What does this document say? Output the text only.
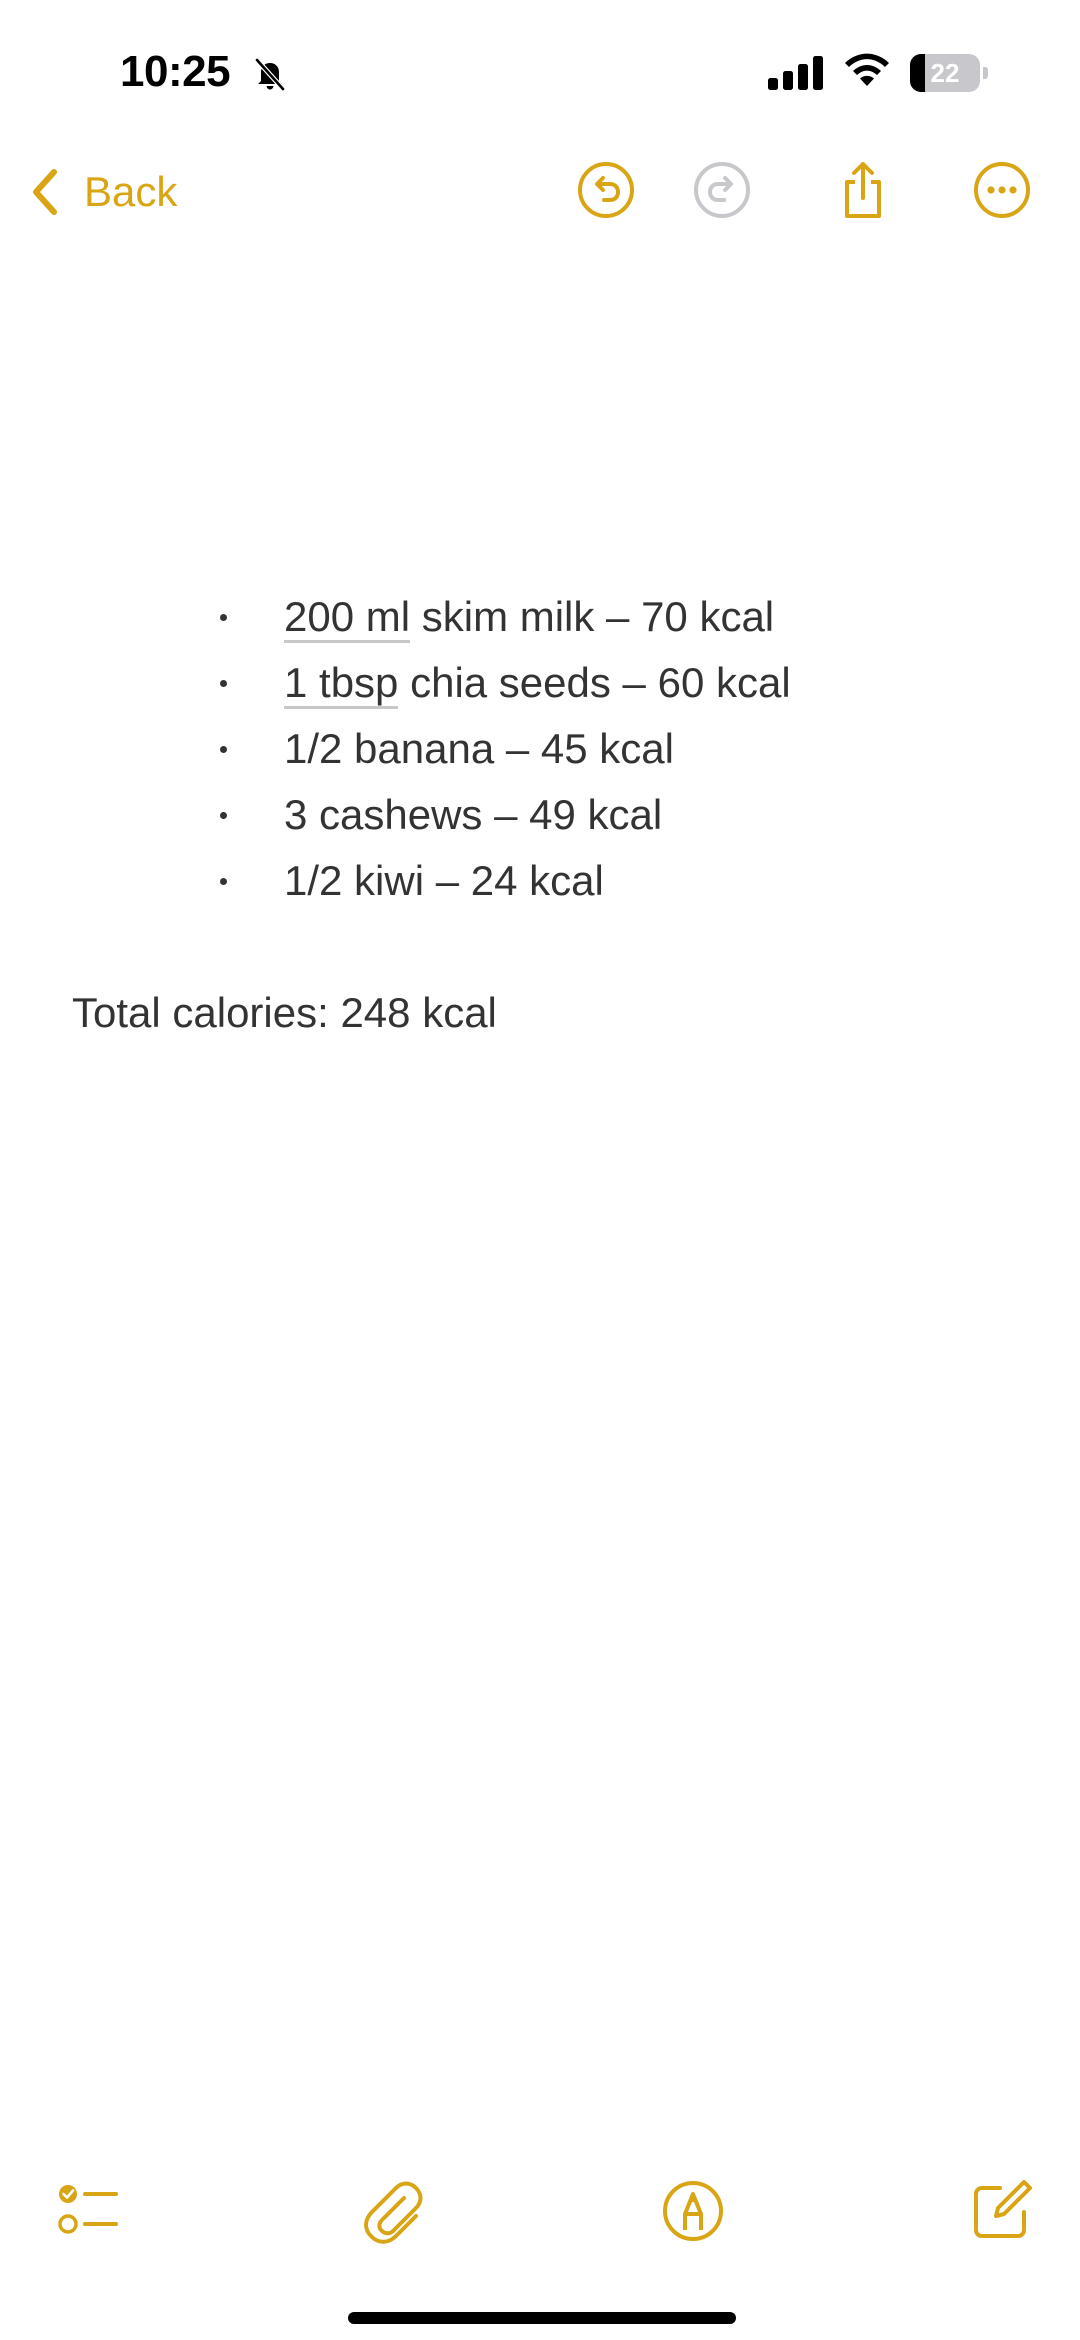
10:25	22
Back
200 ml skim milk – 70 kcal
1 tbsp chia seeds – 60 kcal
1/2 banana – 45 kcal
3 cashews – 49 kcal
1/2 kiwi – 24 kcal
Total calories: 248 kcal
